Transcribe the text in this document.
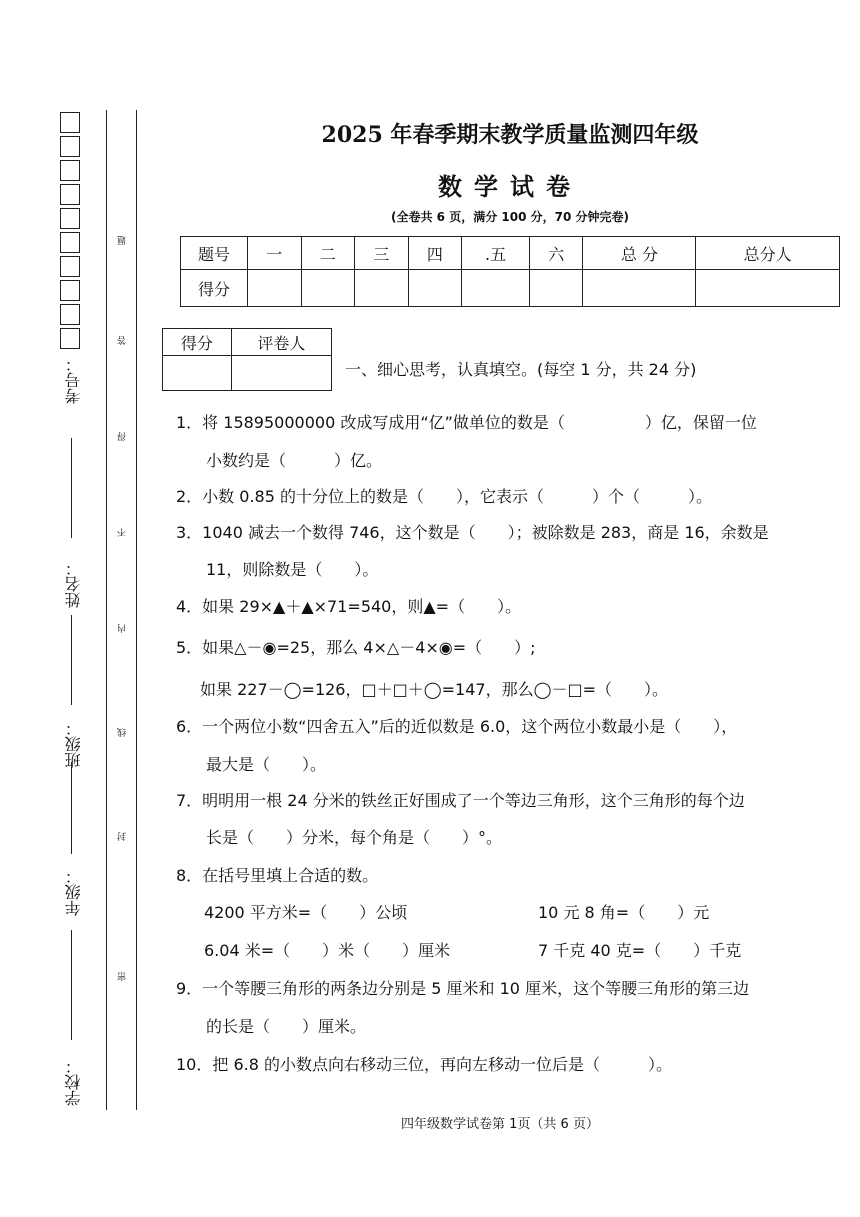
考号：
姓名：
班级：
年级：
学校：
题
答
得
不
内
线
封
密
2025 年春季期末教学质量监测四年级
数学试卷
(全卷共 6 页，满分 100 分，70 分钟完卷)
题号	一	二	三	四	.五	六	总 分	总分人
得分								
得分	评卷人

一、细心思考，认真填空。(每空 1 分，共 24 分)
1．将 15895000000 改成写成用“亿”做单位的数是（　　　　　）亿，保留一位
小数约是（　　　）亿。
2．小数 0.85 的十分位上的数是（　　），它表示（　　　）个（　　　）。
3．1040 减去一个数得 746，这个数是（　　）；被除数是 283，商是 16，余数是
11，则除数是（　　）。
4．如果 29×▲＋▲×71=540，则▲=（　　）。
5．如果△－◉=25，那么 4×△－4×◉=（　　）;
如果 227－◯=126，□＋□＋◯=147，那么◯－□=（　　）。
6．一个两位小数“四舍五入”后的近似数是 6.0，这个两位小数最小是（　　），
最大是（　　）。
7．明明用一根 24 分米的铁丝正好围成了一个等边三角形，这个三角形的每个边
长是（　　）分米，每个角是（　　）°。
8．在括号里填上合适的数。
4200 平方米=（　　）公顷	10 元 8 角=（　　）元
6.04 米=（　　）米（　　）厘米	7 千克 40 克=（　　）千克
9．一个等腰三角形的两条边分别是 5 厘米和 10 厘米，这个等腰三角形的第三边
的长是（　　）厘米。
10．把 6.8 的小数点向右移动三位，再向左移动一位后是（　　　）。
四年级数学试卷第 1页（共 6 页）
